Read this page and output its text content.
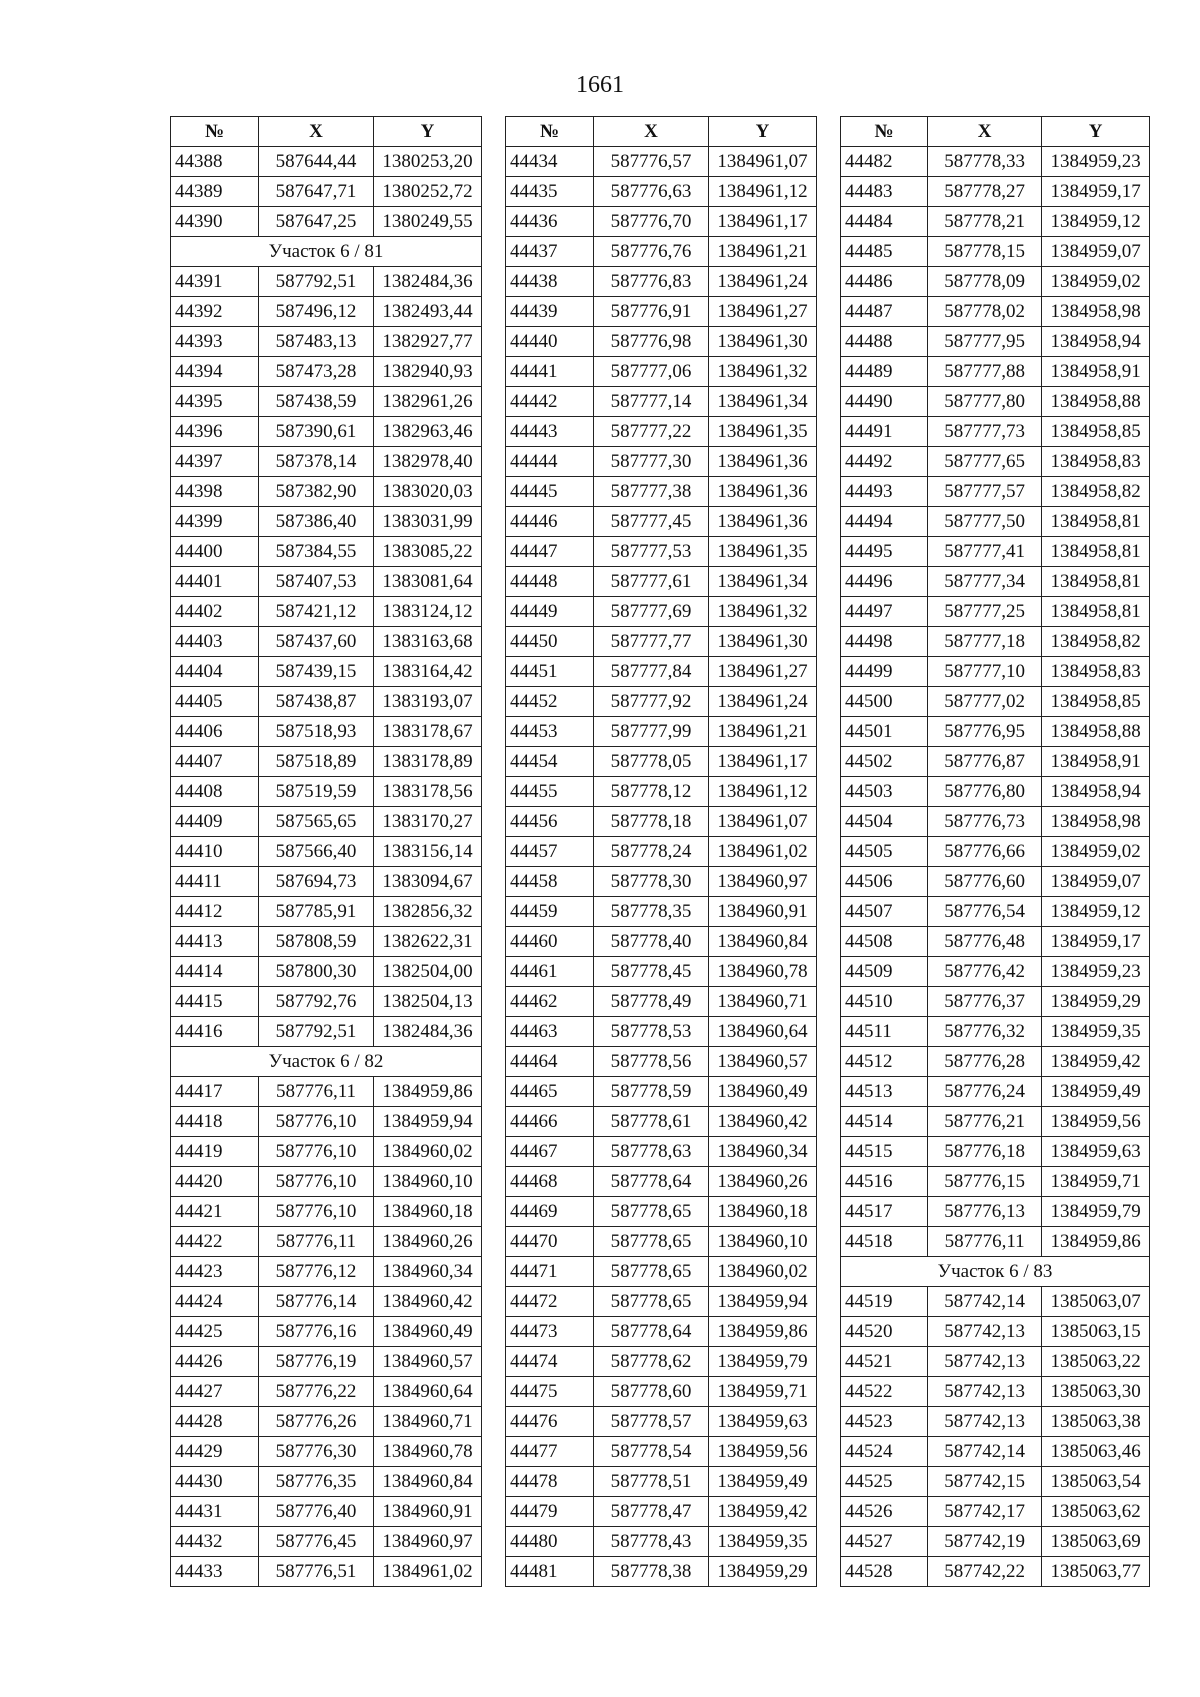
1661
№	X	Y
44388	587644,44	1380253,20
44389	587647,71	1380252,72
44390	587647,25	1380249,55
Участок 6 / 81		
44391	587792,51	1382484,36
44392	587496,12	1382493,44
44393	587483,13	1382927,77
44394	587473,28	1382940,93
44395	587438,59	1382961,26
44396	587390,61	1382963,46
44397	587378,14	1382978,40
44398	587382,90	1383020,03
44399	587386,40	1383031,99
44400	587384,55	1383085,22
44401	587407,53	1383081,64
44402	587421,12	1383124,12
44403	587437,60	1383163,68
44404	587439,15	1383164,42
44405	587438,87	1383193,07
44406	587518,93	1383178,67
44407	587518,89	1383178,89
44408	587519,59	1383178,56
44409	587565,65	1383170,27
44410	587566,40	1383156,14
44411	587694,73	1383094,67
44412	587785,91	1382856,32
44413	587808,59	1382622,31
44414	587800,30	1382504,00
44415	587792,76	1382504,13
44416	587792,51	1382484,36
Участок 6 / 82		
44417	587776,11	1384959,86
44418	587776,10	1384959,94
44419	587776,10	1384960,02
44420	587776,10	1384960,10
44421	587776,10	1384960,18
44422	587776,11	1384960,26
44423	587776,12	1384960,34
44424	587776,14	1384960,42
44425	587776,16	1384960,49
44426	587776,19	1384960,57
44427	587776,22	1384960,64
44428	587776,26	1384960,71
44429	587776,30	1384960,78
44430	587776,35	1384960,84
44431	587776,40	1384960,91
44432	587776,45	1384960,97
44433	587776,51	1384961,02
№	X	Y
44434	587776,57	1384961,07
44435	587776,63	1384961,12
44436	587776,70	1384961,17
44437	587776,76	1384961,21
44438	587776,83	1384961,24
44439	587776,91	1384961,27
44440	587776,98	1384961,30
44441	587777,06	1384961,32
44442	587777,14	1384961,34
44443	587777,22	1384961,35
44444	587777,30	1384961,36
44445	587777,38	1384961,36
44446	587777,45	1384961,36
44447	587777,53	1384961,35
44448	587777,61	1384961,34
44449	587777,69	1384961,32
44450	587777,77	1384961,30
44451	587777,84	1384961,27
44452	587777,92	1384961,24
44453	587777,99	1384961,21
44454	587778,05	1384961,17
44455	587778,12	1384961,12
44456	587778,18	1384961,07
44457	587778,24	1384961,02
44458	587778,30	1384960,97
44459	587778,35	1384960,91
44460	587778,40	1384960,84
44461	587778,45	1384960,78
44462	587778,49	1384960,71
44463	587778,53	1384960,64
44464	587778,56	1384960,57
44465	587778,59	1384960,49
44466	587778,61	1384960,42
44467	587778,63	1384960,34
44468	587778,64	1384960,26
44469	587778,65	1384960,18
44470	587778,65	1384960,10
44471	587778,65	1384960,02
44472	587778,65	1384959,94
44473	587778,64	1384959,86
44474	587778,62	1384959,79
44475	587778,60	1384959,71
44476	587778,57	1384959,63
44477	587778,54	1384959,56
44478	587778,51	1384959,49
44479	587778,47	1384959,42
44480	587778,43	1384959,35
44481	587778,38	1384959,29
№	X	Y
44482	587778,33	1384959,23
44483	587778,27	1384959,17
44484	587778,21	1384959,12
44485	587778,15	1384959,07
44486	587778,09	1384959,02
44487	587778,02	1384958,98
44488	587777,95	1384958,94
44489	587777,88	1384958,91
44490	587777,80	1384958,88
44491	587777,73	1384958,85
44492	587777,65	1384958,83
44493	587777,57	1384958,82
44494	587777,50	1384958,81
44495	587777,41	1384958,81
44496	587777,34	1384958,81
44497	587777,25	1384958,81
44498	587777,18	1384958,82
44499	587777,10	1384958,83
44500	587777,02	1384958,85
44501	587776,95	1384958,88
44502	587776,87	1384958,91
44503	587776,80	1384958,94
44504	587776,73	1384958,98
44505	587776,66	1384959,02
44506	587776,60	1384959,07
44507	587776,54	1384959,12
44508	587776,48	1384959,17
44509	587776,42	1384959,23
44510	587776,37	1384959,29
44511	587776,32	1384959,35
44512	587776,28	1384959,42
44513	587776,24	1384959,49
44514	587776,21	1384959,56
44515	587776,18	1384959,63
44516	587776,15	1384959,71
44517	587776,13	1384959,79
44518	587776,11	1384959,86
Участок 6 / 83		
44519	587742,14	1385063,07
44520	587742,13	1385063,15
44521	587742,13	1385063,22
44522	587742,13	1385063,30
44523	587742,13	1385063,38
44524	587742,14	1385063,46
44525	587742,15	1385063,54
44526	587742,17	1385063,62
44527	587742,19	1385063,69
44528	587742,22	1385063,77
